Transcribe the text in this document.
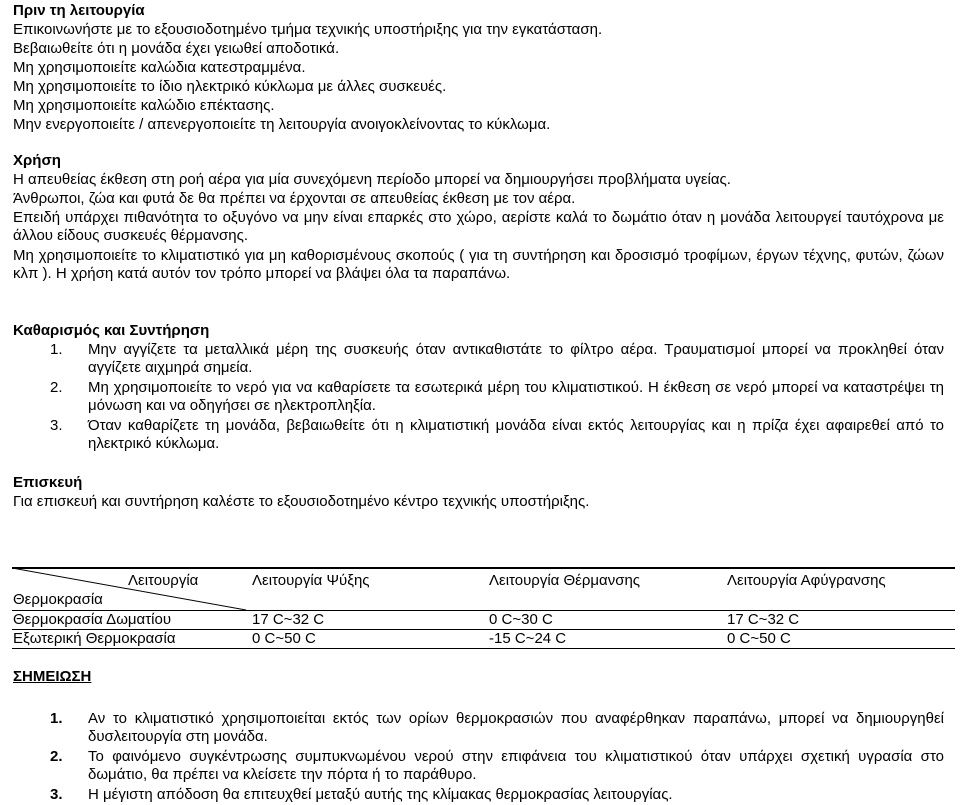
Πριν τη λειτουργία
Επικοινωνήστε με το εξουσιοδοτημένο τμήμα τεχνικής υποστήριξης για την εγκατάσταση.
Βεβαιωθείτε ότι η μονάδα έχει γειωθεί αποδοτικά.
Μη χρησιμοποιείτε καλώδια κατεστραμμένα.
Μη χρησιμοποιείτε το ίδιο ηλεκτρικό κύκλωμα με άλλες συσκευές.
Μη χρησιμοποιείτε καλώδιο επέκτασης.
Μην ενεργοποιείτε / απενεργοποιείτε τη λειτουργία ανοιγοκλείνοντας το κύκλωμα.
Χρήση
Η απευθείας έκθεση στη ροή αέρα για μία συνεχόμενη περίοδο μπορεί να δημιουργήσει προβλήματα υγείας.
Άνθρωποι, ζώα και φυτά δε θα πρέπει να έρχονται σε απευθείας έκθεση με τον αέρα.
Επειδή υπάρχει πιθανότητα το οξυγόνο να μην είναι επαρκές στο χώρο, αερίστε καλά το δωμάτιο όταν η μονάδα λειτουργεί ταυτόχρονα με άλλου είδους συσκευές θέρμανσης.
Μη χρησιμοποιείτε το κλιματιστικό για μη καθορισμένους σκοπούς ( για τη συντήρηση και δροσισμό τροφίμων, έργων τέχνης, φυτών, ζώων κλπ ). Η χρήση κατά αυτόν τον τρόπο μπορεί να βλάψει όλα τα παραπάνω.
Καθαρισμός και Συντήρηση
1. Μην αγγίζετε τα μεταλλικά μέρη της συσκευής όταν αντικαθιστάτε το φίλτρο αέρα. Τραυματισμοί μπορεί να προκληθεί όταν αγγίζετε αιχμηρά σημεία.
2. Μη χρησιμοποιείτε το νερό για να καθαρίσετε τα εσωτερικά μέρη του κλιματιστικού. Η έκθεση σε νερό μπορεί να καταστρέψει τη μόνωση και να οδηγήσει σε ηλεκτροπληξία.
3. Όταν καθαρίζετε τη μονάδα, βεβαιωθείτε ότι η κλιματιστική μονάδα είναι εκτός λειτουργίας και η πρίζα έχει αφαιρεθεί από το ηλεκτρικό κύκλωμα.
Επισκευή
Για επισκευή και συντήρηση καλέστε το εξουσιοδοτημένο κέντρο τεχνικής υποστήριξης.
Λειτουργία
Θερμοκρασία
Λειτουργία Ψύξης	Λειτουργία Θέρμανσης	Λειτουργία Αφύγρανσης
Θερμοκρασία Δωματίου	17 C~32 C	0 C~30 C	17 C~32 C
Εξωτερική Θερμοκρασία	0 C~50 C	-15 C~24 C	0 C~50 C
ΣΗΜΕΙΩΣΗ
1. Αν το κλιματιστικό χρησιμοποιείται εκτός των ορίων θερμοκρασιών που αναφέρθηκαν παραπάνω, μπορεί να δημιουργηθεί δυσλειτουργία στη μονάδα.
2. Το φαινόμενο συγκέντρωσης συμπυκνωμένου νερού στην επιφάνεια του κλιματιστικού όταν υπάρχει σχετική υγρασία στο δωμάτιο, θα πρέπει να κλείσετε την πόρτα ή το παράθυρο.
3. Η μέγιστη απόδοση θα επιτευχθεί μεταξύ αυτής της κλίμακας θερμοκρασίας λειτουργίας.
